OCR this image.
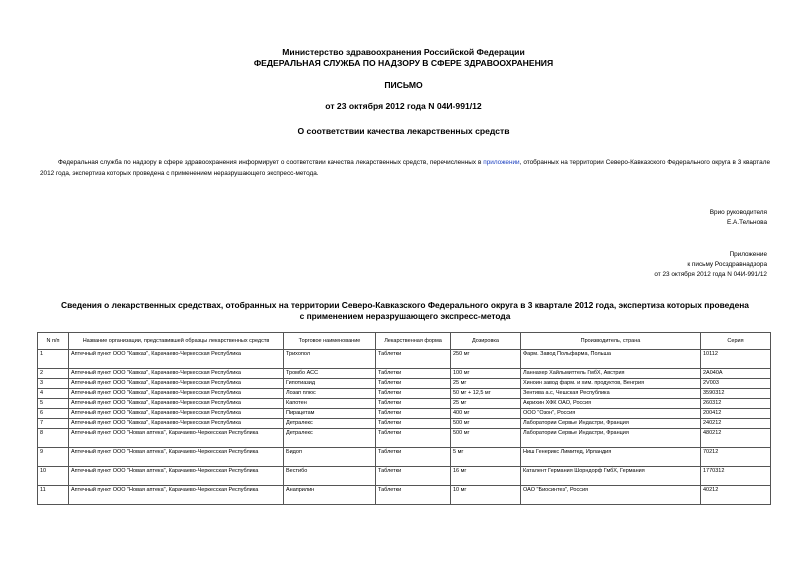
Министерство здравоохранения Российской Федерации
ФЕДЕРАЛЬНАЯ СЛУЖБА ПО НАДЗОРУ В СФЕРЕ ЗДРАВООХРАНЕНИЯ
ПИСЬМО
от 23 октября 2012 года N 04И-991/12
О соответствии качества лекарственных средств
Федеральная служба по надзору в сфере здравоохранения информирует о соответствии качества лекарственных средств, перечисленных в приложении, отобранных на территории Северо-Кавказского Федерального округа в 3 квартале 2012 года, экспертиза которых проведена с применением неразрушающего экспресс-метода.
Врио руководителя
Е.А.Тельнова
Приложение
к письму Росздравнадзора
от 23 октября 2012 года N 04И-991/12
Сведения о лекарственных средствах, отобранных на территории Северо-Кавказского Федерального округа в 3 квартале 2012 года, экспертиза которых проведена с применением неразрушающего экспресс-метода
N п/п	Название организации, представившей образцы лекарственных средств	Торговое наименование	Лекарственная форма	Дозировка	Производитель, страна	Серия
1	Аптечный пункт ООО "Кавказ", Карачаево-Черкесская Республика	Трихопол	Таблетки	250 мг	Фарм. Завод Польфарма, Польша	10112
2	Аптечный пункт ООО "Кавказ", Карачаево-Черкесская Республика	Тромбо АСС	Таблетки	100 мг	Ланнахер Хайльмиттель ГмбХ, Австрия	2А040А
3	Аптечный пункт ООО "Кавказ", Карачаево-Черкесская Республика	Гипотиазид	Таблетки	25 мг	Хиноин завод фарм. и хим. продуктов, Венгрия	2V003
4	Аптечный пункт ООО "Кавказ", Карачаево-Черкесская Республика	Лозап плюс	Таблетки	50 мг + 12,5 мг	Зентива а.с, Чешская Республика	3590312
5	Аптечный пункт ООО "Кавказ", Карачаево-Черкесская Республика	Капотен	Таблетки	25 мг	Акрихин ХФК ОАО, Россия	260312
6	Аптечный пункт ООО "Кавказ", Карачаево-Черкесская Республика	Пирацетам	Таблетки	400 мг	ООО "Озон", Россия	200412
7	Аптечный пункт ООО "Кавказ", Карачаево-Черкесская Республика	Детралекс	Таблетки	500 мг	Лаборатории Сервье Индастри, Франция	240212
8	Аптечный пункт ООО "Новая аптека", Карачаево-Черкесская Республика	Детралекс	Таблетки	500 мг	Лаборатории Сервье Индастри, Франция	480212
9	Аптечный пункт ООО "Новая аптека", Карачаево-Черкесская Республика	Бидоп	Таблетки	5 мг	Ниш Генерикс Лимитед, Ирландия	70212
10	Аптечный пункт ООО "Новая аптека", Карачаево-Черкесская Республика	Вестибо	Таблетки	16 мг	Каталент Германия Шорндорф ГмбХ, Германия	1770312
11	Аптечный пункт ООО "Новая аптека", Карачаево-Черкесская Республика	Анаприлин	Таблетки	10 мг	ОАО "Биосинтез", Россия	40212
